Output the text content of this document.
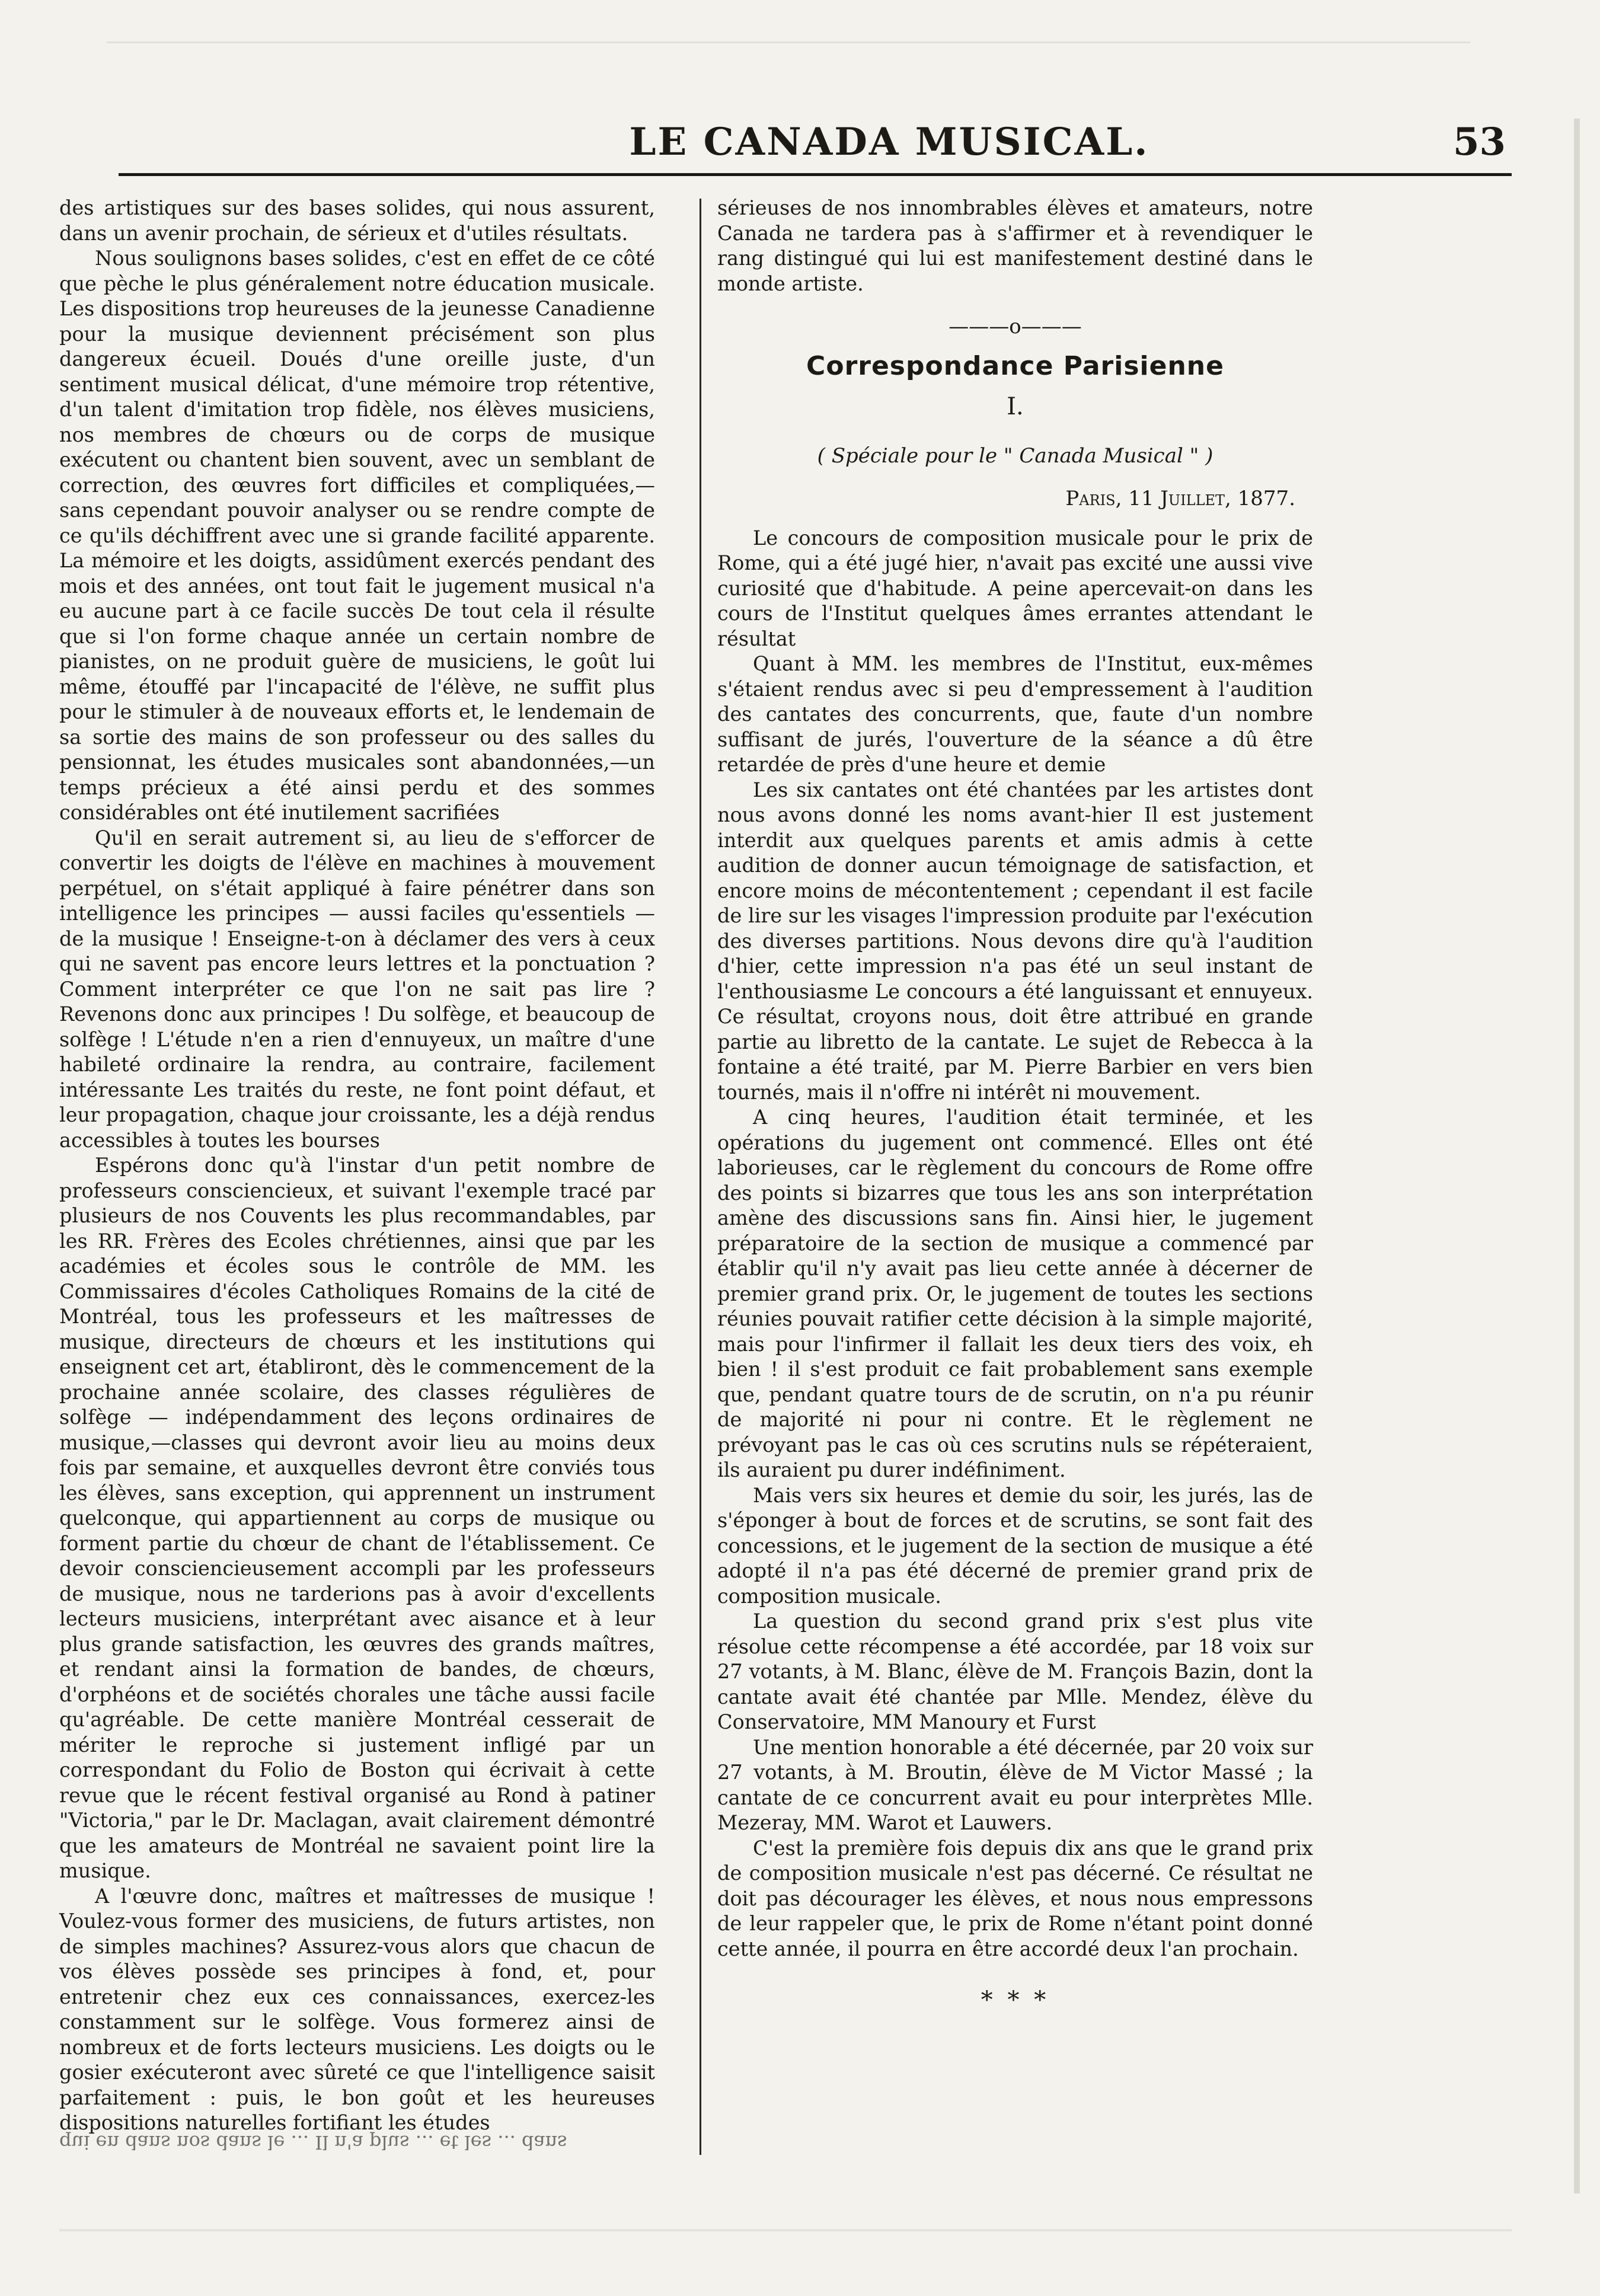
LE CANADA MUSICAL.	53

des artistiques sur des bases solides, qui nous assurent, dans un avenir prochain, de sérieux et d'utiles résultats.

Nous soulignons bases solides, c'est en effet de ce côté que pèche le plus généralement notre éducation musicale. Les dispositions trop heureuses de la jeunesse Canadienne pour la musique deviennent précisément son plus dangereux écueil. Doués d'une oreille juste, d'un sentiment musical délicat, d'une mémoire trop rétentive, d'un talent d'imitation trop fidèle, nos élèves musiciens, nos membres de chœurs ou de corps de musique exécutent ou chantent bien souvent, avec un semblant de correction, des œuvres fort difficiles et compliquées,—sans cependant pouvoir analyser ou se rendre compte de ce qu'ils déchiffrent avec une si grande facilité apparente. La mémoire et les doigts, assidûment exercés pendant des mois et des années, ont tout fait le jugement musical n'a eu aucune part à ce facile succès De tout cela il résulte que si l'on forme chaque année un certain nombre de pianistes, on ne produit guère de musiciens, le goût lui même, étouffé par l'incapacité de l'élève, ne suffit plus pour le stimuler à de nouveaux efforts et, le lendemain de sa sortie des mains de son professeur ou des salles du pensionnat, les études musicales sont abandonnées,—un temps précieux a été ainsi perdu et des sommes considérables ont été inutilement sacrifiées

Qu'il en serait autrement si, au lieu de s'efforcer de convertir les doigts de l'élève en machines à mouvement perpétuel, on s'était appliqué à faire pénétrer dans son intelligence les principes — aussi faciles qu'essentiels — de la musique ! Enseigne-t-on à déclamer des vers à ceux qui ne savent pas encore leurs lettres et la ponctuation ? Comment interpréter ce que l'on ne sait pas lire ? Revenons donc aux principes ! Du solfège, et beaucoup de solfège ! L'étude n'en a rien d'ennuyeux, un maître d'une habileté ordinaire la rendra, au contraire, facilement intéressante Les traités du reste, ne font point défaut, et leur propagation, chaque jour croissante, les a déjà rendus accessibles à toutes les bourses

Espérons donc qu'à l'instar d'un petit nombre de professeurs consciencieux, et suivant l'exemple tracé par plusieurs de nos Couvents les plus recommandables, par les RR. Frères des Ecoles chrétiennes, ainsi que par les académies et écoles sous le contrôle de MM. les Commissaires d'écoles Catholiques Romains de la cité de Montréal, tous les professeurs et les maîtresses de musique, directeurs de chœurs et les institutions qui enseignent cet art, établiront, dès le commencement de la prochaine année scolaire, des classes régulières de solfège — indépendamment des leçons ordinaires de musique,—classes qui devront avoir lieu au moins deux fois par semaine, et auxquelles devront être conviés tous les élèves, sans exception, qui apprennent un instrument quelconque, qui appartiennent au corps de musique ou forment partie du chœur de chant de l'établissement. Ce devoir consciencieusement accompli par les professeurs de musique, nous ne tarderions pas à avoir d'excellents lecteurs musiciens, interprétant avec aisance et à leur plus grande satisfaction, les œuvres des grands maîtres, et rendant ainsi la formation de bandes, de chœurs, d'orphéons et de sociétés chorales une tâche aussi facile qu'agréable. De cette manière Montréal cesserait de mériter le reproche si justement infligé par un correspondant du Folio de Boston qui écrivait à cette revue que le récent festival organisé au Rond à patiner "Victoria," par le Dr. Maclagan, avait clairement démontré que les amateurs de Montréal ne savaient point lire la musique.

A l'œuvre donc, maîtres et maîtresses de musique ! Voulez-vous former des musiciens, de futurs artistes, non de simples machines? Assurez-vous alors que chacun de vos élèves possède ses principes à fond, et, pour entretenir chez eux ces connaissances, exercez-les constamment sur le solfège. Vous formerez ainsi de nombreux et de forts lecteurs musiciens. Les doigts ou le gosier exécuteront avec sûreté ce que l'intelligence saisit parfaitement : puis, le bon goût et les heureuses dispositions naturelles fortifiant les études

sérieuses de nos innombrables élèves et amateurs, notre Canada ne tardera pas à s'affirmer et à revendiquer le rang distingué qui lui est manifestement destiné dans le monde artiste.

———o———
Correspondance Parisienne
I.
( Spéciale pour le " Canada Musical " )
Paris, 11 Juillet, 1877.

Le concours de composition musicale pour le prix de Rome, qui a été jugé hier, n'avait pas excité une aussi vive curiosité que d'habitude. A peine apercevait-on dans les cours de l'Institut quelques âmes errantes attendant le résultat

Quant à MM. les membres de l'Institut, eux-mêmes s'étaient rendus avec si peu d'empressement à l'audition des cantates des concurrents, que, faute d'un nombre suffisant de jurés, l'ouverture de la séance a dû être retardée de près d'une heure et demie

Les six cantates ont été chantées par les artistes dont nous avons donné les noms avant-hier Il est justement interdit aux quelques parents et amis admis à cette audition de donner aucun témoignage de satisfaction, et encore moins de mécontentement ; cependant il est facile de lire sur les visages l'impression produite par l'exécution des diverses partitions. Nous devons dire qu'à l'audition d'hier, cette impression n'a pas été un seul instant de l'enthousiasme Le concours a été languissant et ennuyeux. Ce résultat, croyons nous, doit être attribué en grande partie au libretto de la cantate. Le sujet de Rebecca à la fontaine a été traité, par M. Pierre Barbier en vers bien tournés, mais il n'offre ni intérêt ni mouvement.

A cinq heures, l'audition était terminée, et les opérations du jugement ont commencé. Elles ont été laborieuses, car le règlement du concours de Rome offre des points si bizarres que tous les ans son interprétation amène des discussions sans fin. Ainsi hier, le jugement préparatoire de la section de musique a commencé par établir qu'il n'y avait pas lieu cette année à décerner de premier grand prix. Or, le jugement de toutes les sections réunies pouvait ratifier cette décision à la simple majorité, mais pour l'infirmer il fallait les deux tiers des voix, eh bien ! il s'est produit ce fait probablement sans exemple que, pendant quatre tours de de scrutin, on n'a pu réunir de majorité ni pour ni contre. Et le règlement ne prévoyant pas le cas où ces scrutins nuls se répéteraient, ils auraient pu durer indéfiniment.

Mais vers six heures et demie du soir, les jurés, las de s'éponger à bout de forces et de scrutins, se sont fait des concessions, et le jugement de la section de musique a été adopté il n'a pas été décerné de premier grand prix de composition musicale.

La question du second grand prix s'est plus vite résolue cette récompense a été accordée, par 18 voix sur 27 votants, à M. Blanc, élève de M. François Bazin, dont la cantate avait été chantée par Mlle. Mendez, élève du Conservatoire, MM Manoury et Furst

Une mention honorable a été décernée, par 20 voix sur 27 votants, à M. Broutin, élève de M Victor Massé ; la cantate de ce concurrent avait eu pour interprètes Mlle. Mezeray, MM. Warot et Lauwers.

C'est la première fois depuis dix ans que le grand prix de composition musicale n'est pas décerné. Ce résultat ne doit pas décourager les élèves, et nous nous empressons de leur rappeler que, le prix de Rome n'étant point donné cette année, il pourra en être accordé deux l'an prochain.

* * *
qui en dans nos dans le ... Il n'a plus ... et les ... dans
